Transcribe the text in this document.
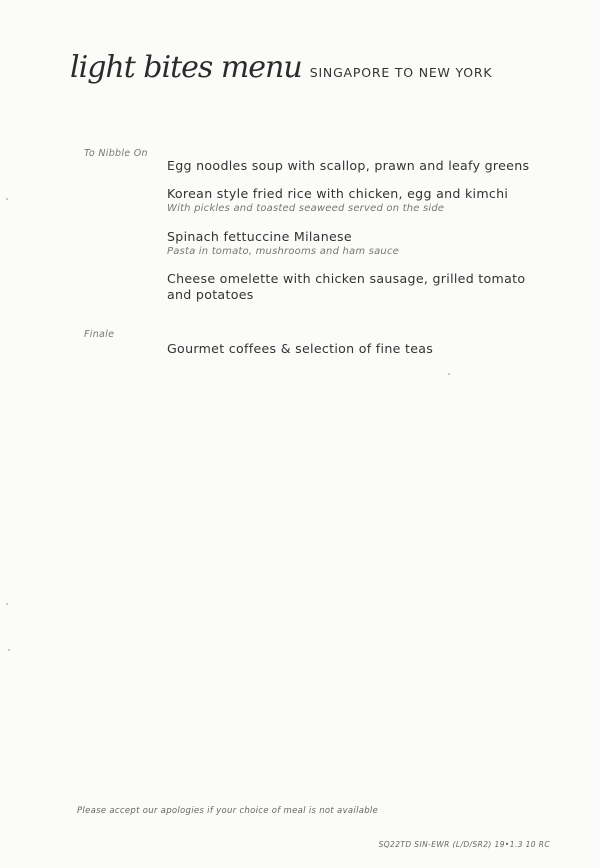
light bites menu SINGAPORE TO NEW YORK
To Nibble On
Egg noodles soup with scallop, prawn and leafy greens
Korean style fried rice with chicken, egg and kimchi
With pickles and toasted seaweed served on the side
Spinach fettuccine Milanese
Pasta in tomato, mushrooms and ham sauce
Cheese omelette with chicken sausage, grilled tomato and potatoes
Finale
Gourmet coffees & selection of fine teas
Please accept our apologies if your choice of meal is not available
SQ22TD SIN-EWR (L/D/SR2) 19•1.3 10 RC
